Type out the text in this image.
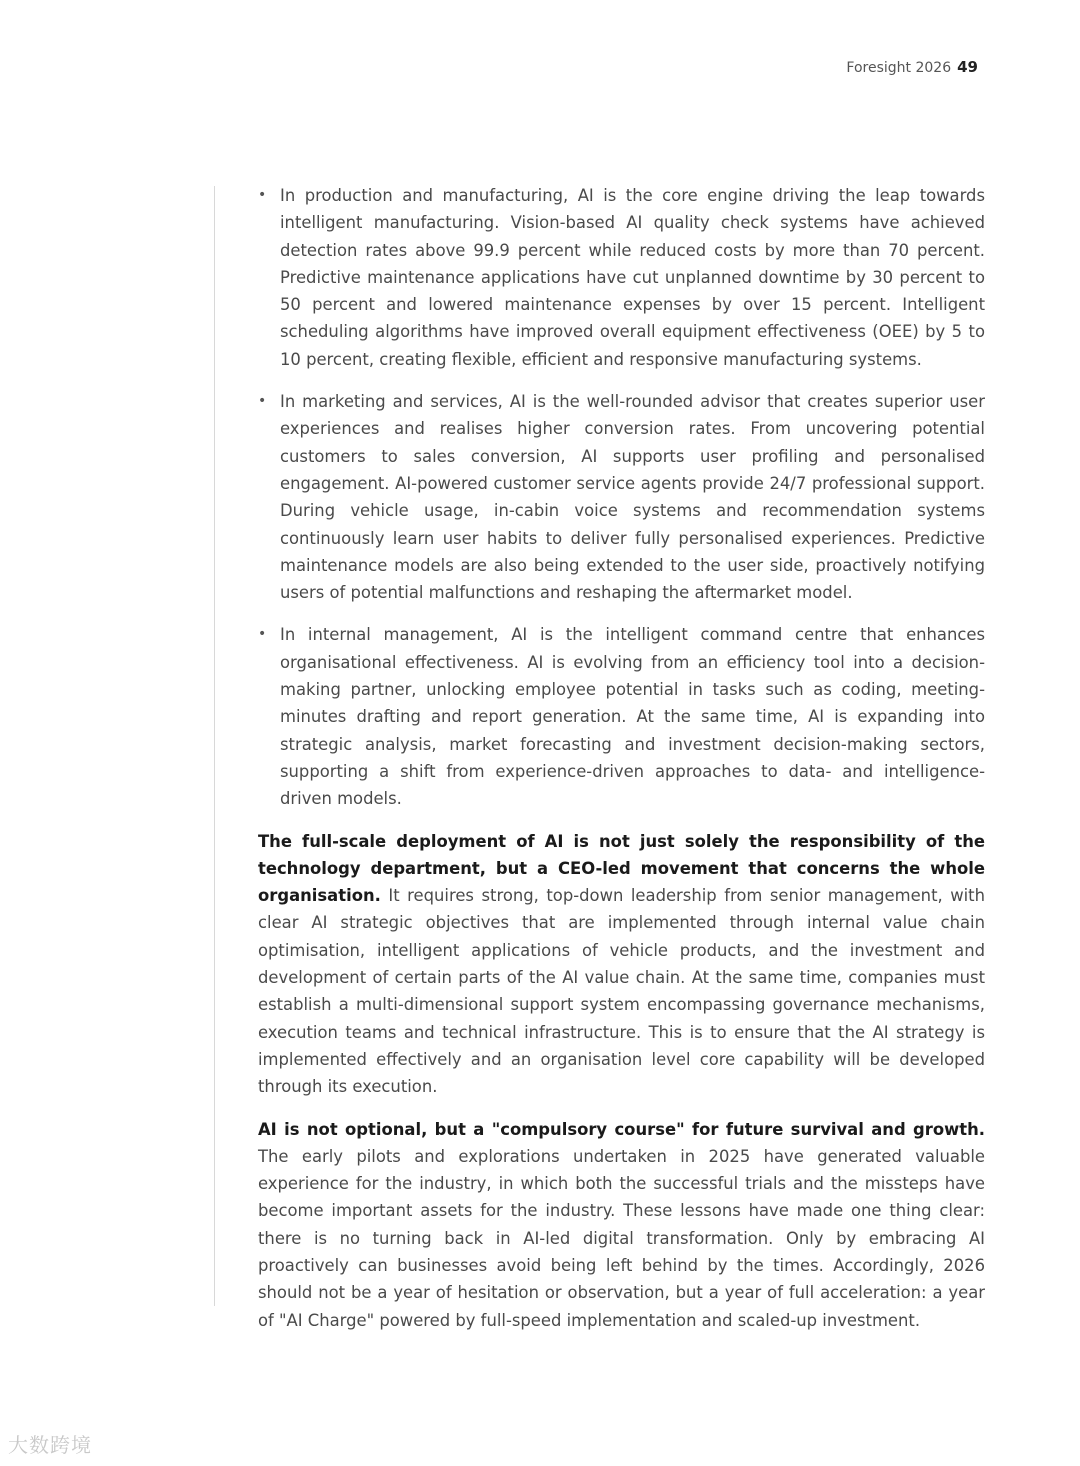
Foresight 2026 49
• In production and manufacturing, AI is the core engine driving the leap towards intelligent manufacturing. Vision-based AI quality check systems have achieved detection rates above 99.9 percent while reduced costs by more than 70 percent. Predictive maintenance applications have cut unplanned downtime by 30 percent to 50 percent and lowered maintenance expenses by over 15 percent. Intelligent scheduling algorithms have improved overall equipment effectiveness (OEE) by 5 to 10 percent, creating flexible, efficient and responsive manufacturing systems.
• In marketing and services, AI is the well-rounded advisor that creates superior user experiences and realises higher conversion rates. From uncovering potential customers to sales conversion, AI supports user profiling and personalised engagement. AI-powered customer service agents provide 24/7 professional support. During vehicle usage, in-cabin voice systems and recommendation systems continuously learn user habits to deliver fully personalised experiences. Predictive maintenance models are also being extended to the user side, proactively notifying users of potential malfunctions and reshaping the aftermarket model.
• In internal management, AI is the intelligent command centre that enhances organisational effectiveness. AI is evolving from an efficiency tool into a decision-making partner, unlocking employee potential in tasks such as coding, meeting-minutes drafting and report generation. At the same time, AI is expanding into strategic analysis, market forecasting and investment decision-making sectors, supporting a shift from experience-driven approaches to data- and intelligence-driven models.

The full-scale deployment of AI is not just solely the responsibility of the technology department, but a CEO-led movement that concerns the whole organisation. It requires strong, top-down leadership from senior management, with clear AI strategic objectives that are implemented through internal value chain optimisation, intelligent applications of vehicle products, and the investment and development of certain parts of the AI value chain. At the same time, companies must establish a multi-dimensional support system encompassing governance mechanisms, execution teams and technical infrastructure. This is to ensure that the AI strategy is implemented effectively and an organisation level core capability will be developed through its execution.

AI is not optional, but a "compulsory course" for future survival and growth. The early pilots and explorations undertaken in 2025 have generated valuable experience for the industry, in which both the successful trials and the missteps have become important assets for the industry. These lessons have made one thing clear: there is no turning back in AI-led digital transformation. Only by embracing AI proactively can businesses avoid being left behind by the times. Accordingly, 2026 should not be a year of hesitation or observation, but a year of full acceleration: a year of "AI Charge" powered by full-speed implementation and scaled-up investment.

大数跨境
